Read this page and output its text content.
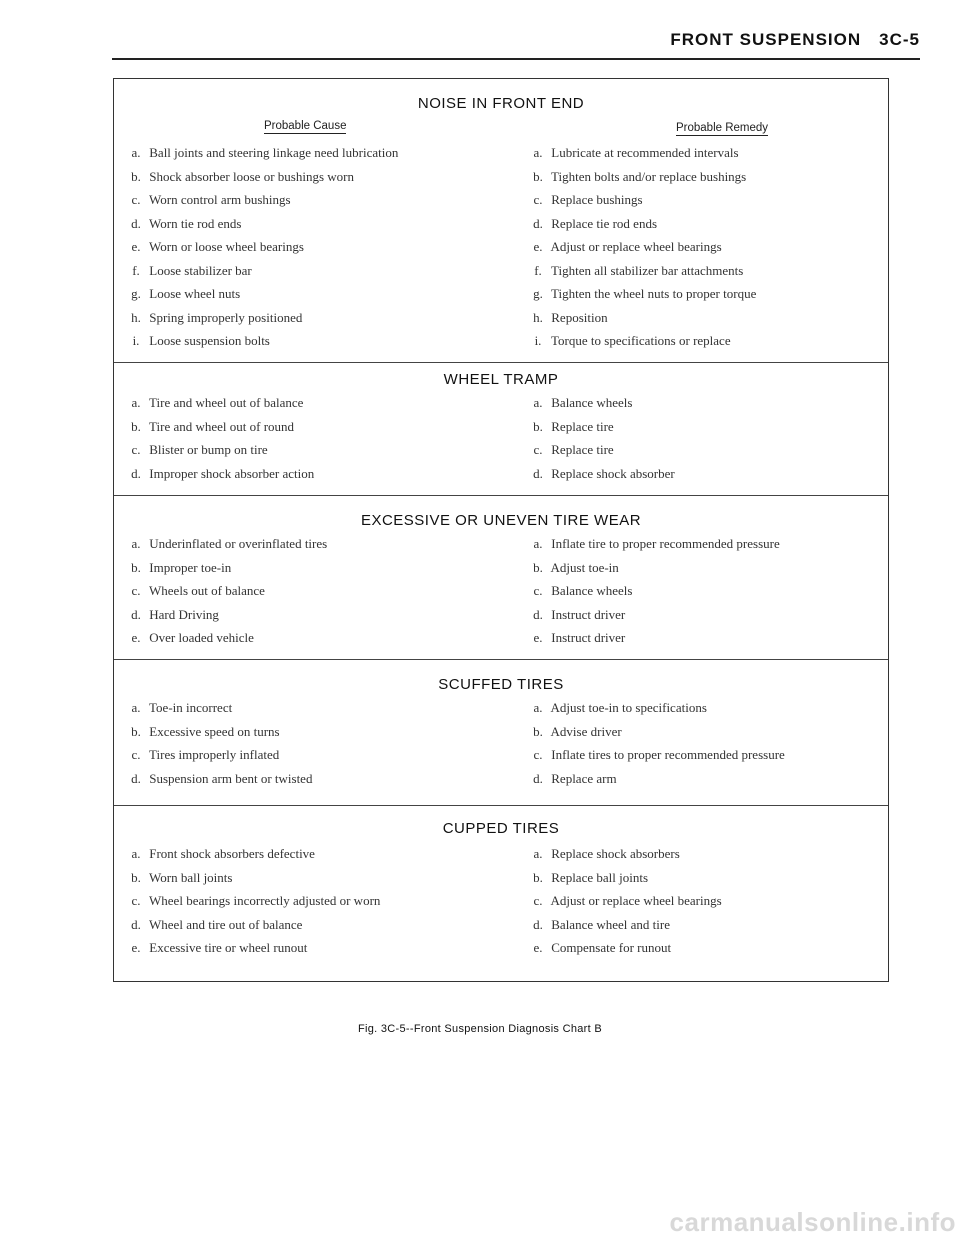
FRONT SUSPENSION 3C-5
NOISE IN FRONT END
Probable Cause	Probable Remedy
a. Ball joints and steering linkage need lubrication
b. Shock absorber loose or bushings worn
c. Worn control arm bushings
d. Worn tie rod ends
e. Worn or loose wheel bearings
f. Loose stabilizer bar
g. Loose wheel nuts
h. Spring improperly positioned
i. Loose suspension bolts
a. Lubricate at recommended intervals
b. Tighten bolts and/or replace bushings
c. Replace bushings
d. Replace tie rod ends
e. Adjust or replace wheel bearings
f. Tighten all stabilizer bar attachments
g. Tighten the wheel nuts to proper torque
h. Reposition
i. Torque to specifications or replace
WHEEL TRAMP
a. Tire and wheel out of balance
b. Tire and wheel out of round
c. Blister or bump on tire
d. Improper shock absorber action
a. Balance wheels
b. Replace tire
c. Replace tire
d. Replace shock absorber
EXCESSIVE OR UNEVEN TIRE WEAR
a. Underinflated or overinflated tires
b. Improper toe-in
c. Wheels out of balance
d. Hard Driving
e. Over loaded vehicle
a. Inflate tire to proper recommended pressure
b. Adjust toe-in
c. Balance wheels
d. Instruct driver
e. Instruct driver
SCUFFED TIRES
a. Toe-in incorrect
b. Excessive speed on turns
c. Tires improperly inflated
d. Suspension arm bent or twisted
a. Adjust toe-in to specifications
b. Advise driver
c. Inflate tires to proper recommended pressure
d. Replace arm
CUPPED TIRES
a. Front shock absorbers defective
b. Worn ball joints
c. Wheel bearings incorrectly adjusted or worn
d. Wheel and tire out of balance
e. Excessive tire or wheel runout
a. Replace shock absorbers
b. Replace ball joints
c. Adjust or replace wheel bearings
d. Balance wheel and tire
e. Compensate for runout
Fig. 3C-5--Front Suspension Diagnosis Chart B
carmanualsonline.info
